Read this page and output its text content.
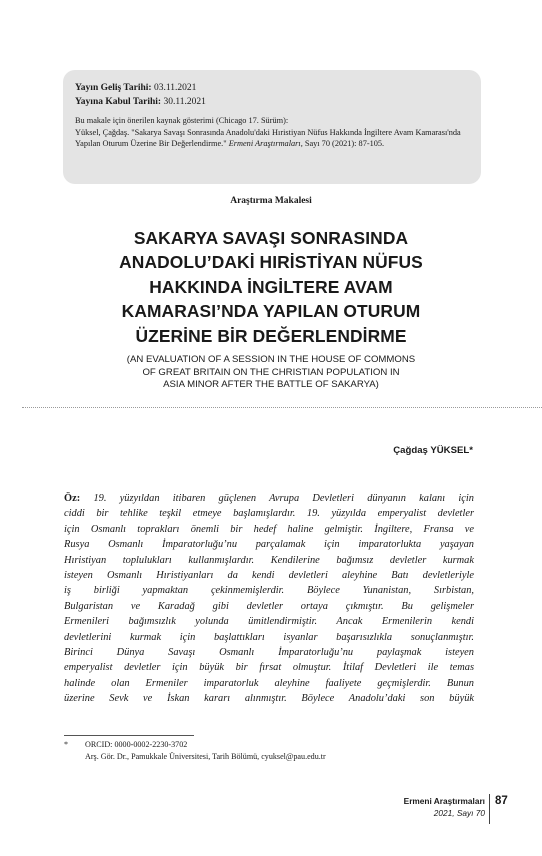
Yayın Geliş Tarihi: 03.11.2021
Yayına Kabul Tarihi: 30.11.2021
Bu makale için önerilen kaynak gösterimi (Chicago 17. Sürüm):
Yüksel, Çağdaş. "Sakarya Savaşı Sonrasında Anadolu'daki Hıristiyan Nüfus Hakkında İngiltere Avam Kamarası'nda Yapılan Oturum Üzerine Bir Değerlendirme." Ermeni Araştırmaları, Sayı 70 (2021): 87-105.
Araştırma Makalesi
SAKARYA SAVAŞI SONRASINDA
ANADOLU’DAKİ HIRİSTİYAN NÜFUS
HAKKINDA İNGİLTERE AVAM
KAMARASI’NDA YAPILAN OTURUM
ÜZERİNE BİR DEĞERLENDİRME
(AN EVALUATION OF A SESSION IN THE HOUSE OF COMMONS
OF GREAT BRITAIN ON THE CHRISTIAN POPULATION IN
ASIA MINOR AFTER THE BATTLE OF SAKARYA)
Çağdaş YÜKSEL*
Öz: 19. yüzyıldan itibaren güçlenen Avrupa Devletleri dünyanın kalanı için
ciddi bir tehlike teşkil etmeye başlamışlardır. 19. yüzyılda emperyalist devletler
için Osmanlı toprakları önemli bir hedef haline gelmiştir. İngiltere, Fransa ve
Rusya Osmanlı İmparatorluğu’nu parçalamak için imparatorlukta yaşayan
Hıristiyan toplulukları kullanmışlardır. Kendilerine bağımsız devletler kurmak
isteyen Osmanlı Hıristiyanları da kendi devletleri aleyhine Batı devletleriyle
iş birliği yapmaktan çekinmemişlerdir. Böylece Yunanistan, Sırbistan,
Bulgaristan ve Karadağ gibi devletler ortaya çıkmıştır. Bu gelişmeler
Ermenileri bağımsızlık yolunda ümitlendirmiştir. Ancak Ermenilerin kendi
devletlerini kurmak için başlattıkları isyanlar başarısızlıkla sonuçlanmıştır.
Birinci Dünya Savaşı Osmanlı İmparatorluğu’nu paylaşmak isteyen
emperyalist devletler için büyük bir fırsat olmuştur. İtilaf Devletleri ile temas
halinde olan Ermeniler imparatorluk aleyhine faaliyete geçmişlerdir. Bunun
üzerine Sevk ve İskan kararı alınmıştır. Böylece Anadolu’daki son büyük
* ORCID: 0000-0002-2230-3702
Arş. Gör. Dr., Pamukkale Üniversitesi, Tarih Bölümü, cyuksel@pau.edu.tr
Ermeni Araştırmaları
2021, Sayı 70
87
